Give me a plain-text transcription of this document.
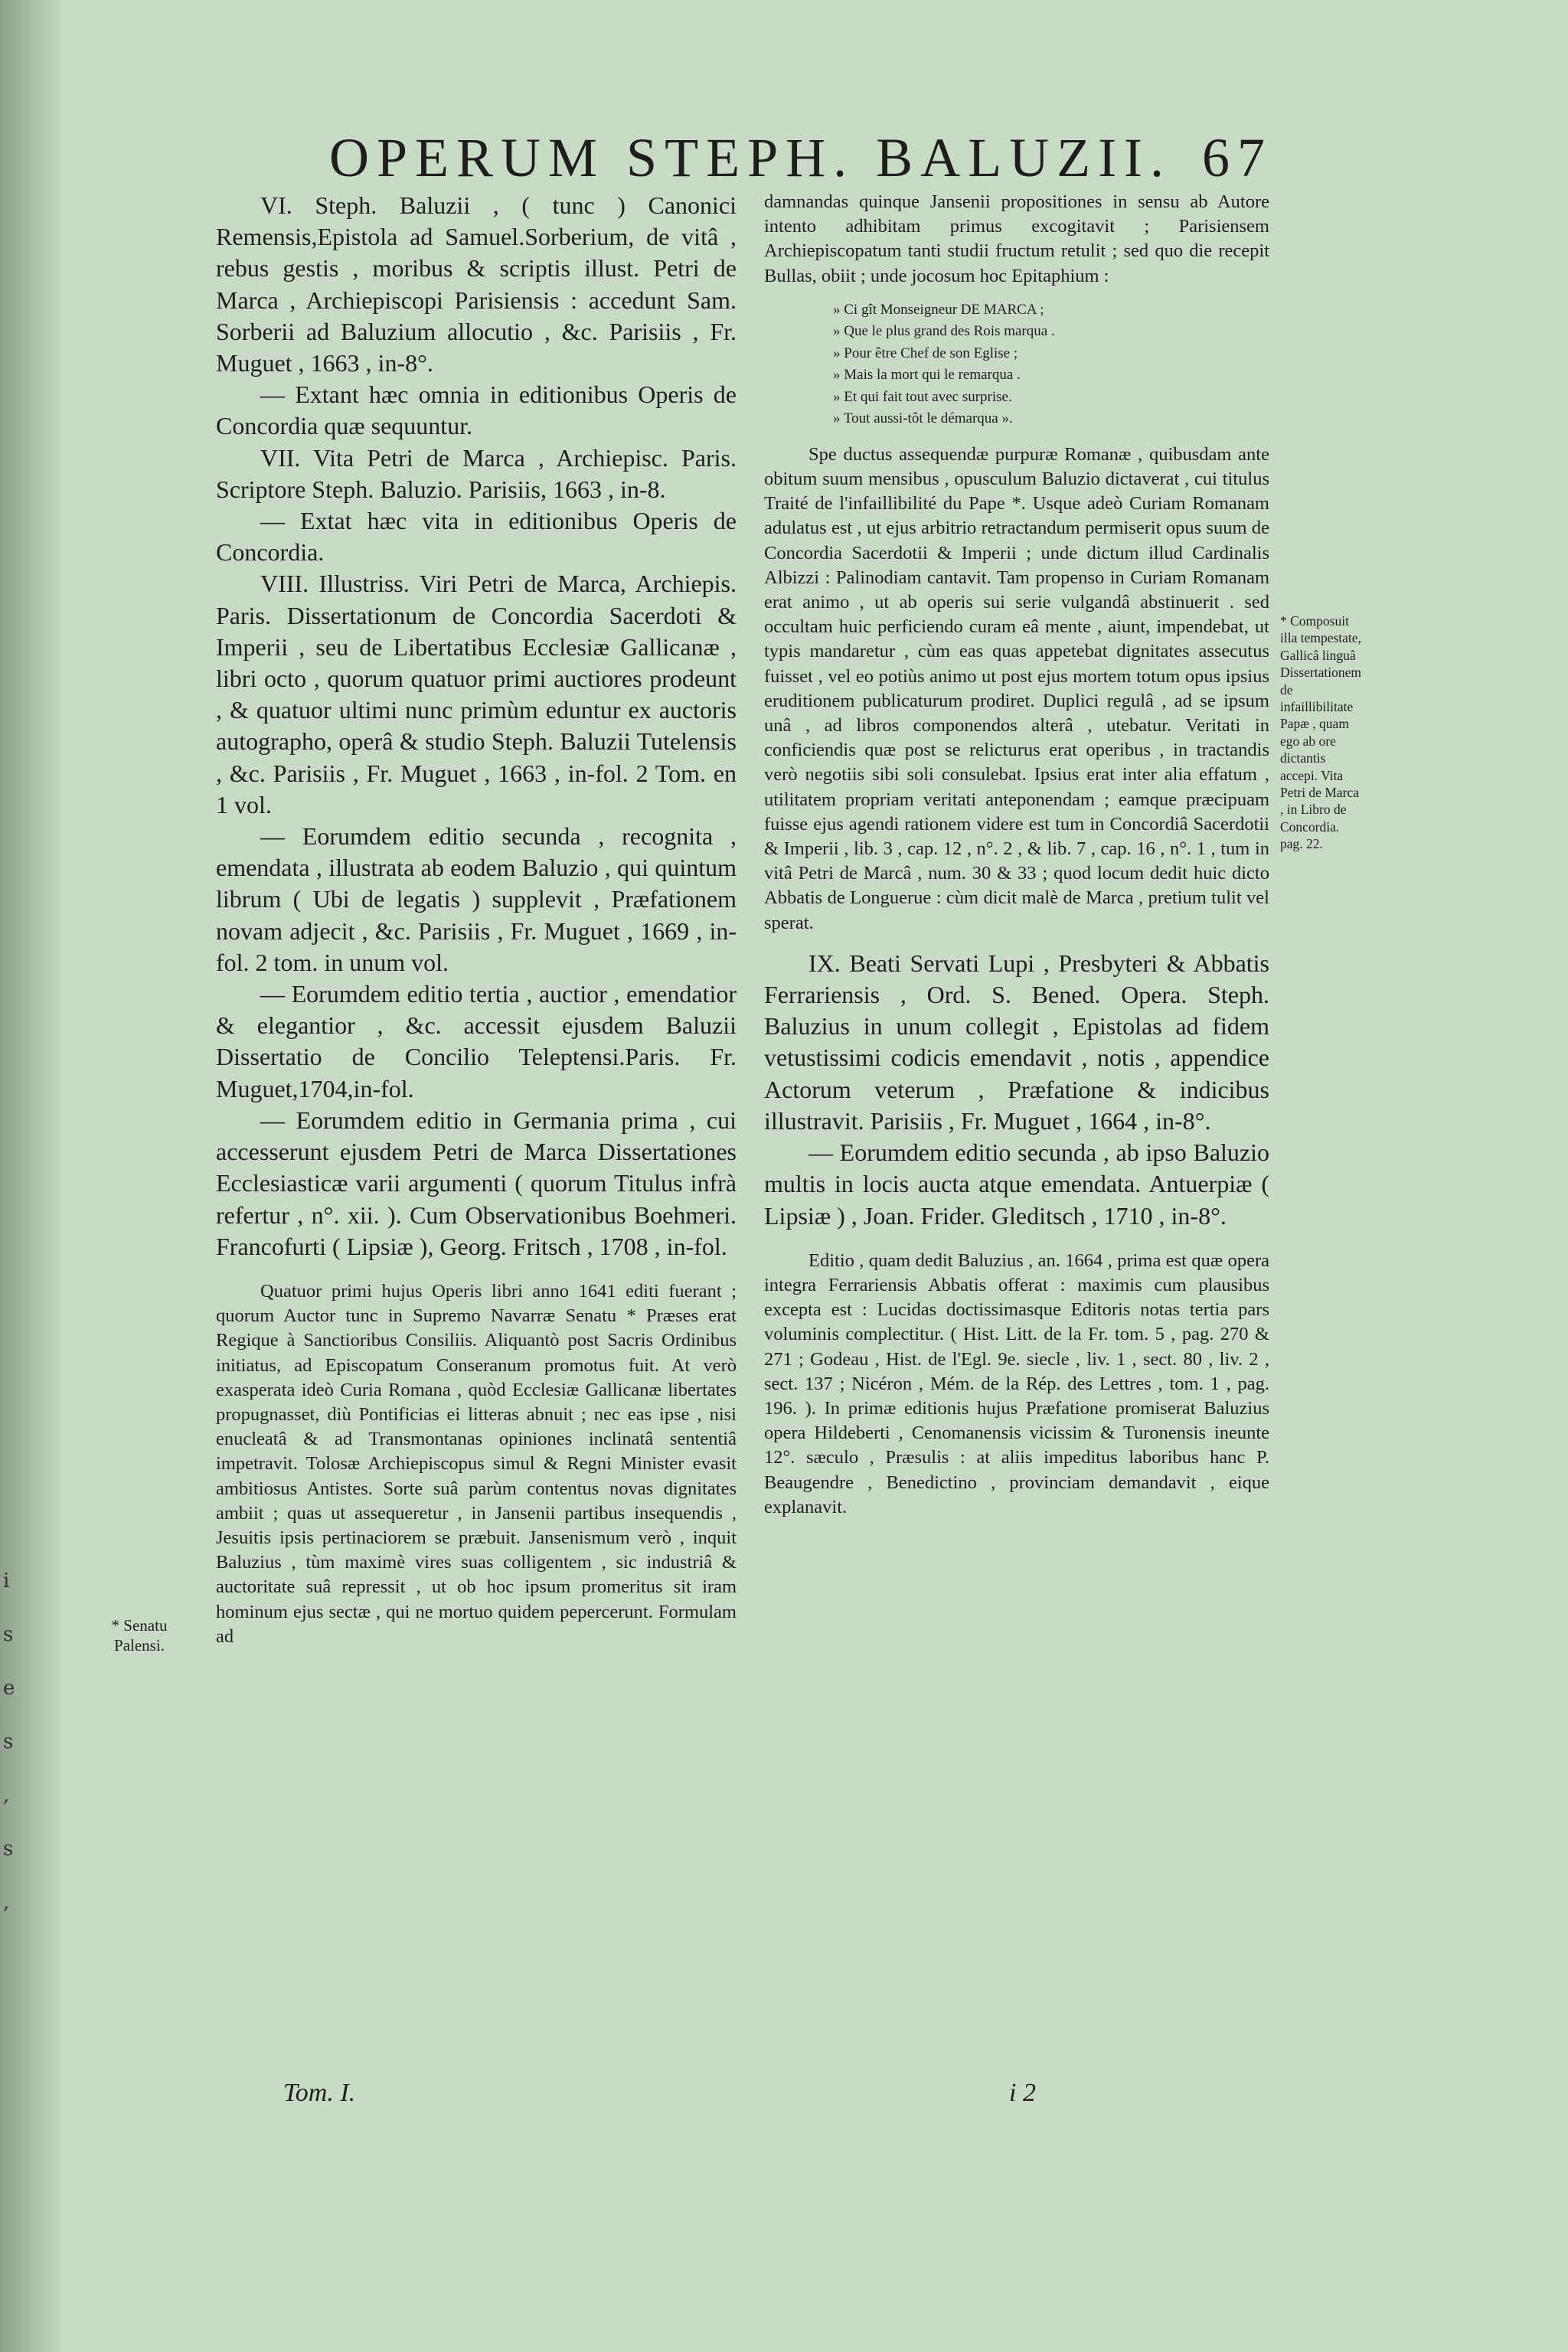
i
s
e
s
,
s
,
OPERUM STEPH. BALUZII. 67

VI. Steph. Baluzii , ( tunc ) Canonici Remensis,Epistola ad Samuel.Sorberium, de vitâ , rebus gestis , moribus & scriptis illust. Petri de Marca , Archiepiscopi Parisiensis : accedunt Sam. Sorberii ad Baluzium allocutio , &c. Parisiis , Fr. Muguet , 1663 , in-8°.

— Extant hæc omnia in editionibus Operis de Concordia quæ sequuntur.

VII. Vita Petri de Marca , Archiepisc. Paris. Scriptore Steph. Baluzio. Parisiis, 1663 , in-8.

— Extat hæc vita in editionibus Operis de Concordia.

VIII. Illustriss. Viri Petri de Marca, Archiepis. Paris. Dissertationum de Concordia Sacerdoti & Imperii , seu de Libertatibus Ecclesiæ Gallicanæ , libri octo , quorum quatuor primi auctiores prodeunt , & quatuor ultimi nunc primùm eduntur ex auctoris autographo, operâ & studio Steph. Baluzii Tutelensis , &c. Parisiis , Fr. Muguet , 1663 , in-fol. 2 Tom. en 1 vol.

— Eorumdem editio secunda , recognita , emendata , illustrata ab eodem Baluzio , qui quintum librum ( Ubi de legatis ) supplevit , Præfationem novam adjecit , &c. Parisiis , Fr. Muguet , 1669 , in-fol. 2 tom. in unum vol.

— Eorumdem editio tertia , auctior , emendatior & elegantior , &c. accessit ejusdem Baluzii Dissertatio de Concilio Teleptensi.Paris. Fr. Muguet,1704,in-fol.

— Eorumdem editio in Germania prima , cui accesserunt ejusdem Petri de Marca Dissertationes Ecclesiasticæ varii argumenti ( quorum Titulus infrà refertur , n°. xii. ). Cum Observationibus Boehmeri. Francofurti ( Lipsiæ ), Georg. Fritsch , 1708 , in-fol.

Quatuor primi hujus Operis libri anno 1641 editi fuerant ; quorum Auctor tunc in Supremo Navarræ Senatu * Præses erat Regique à Sanctioribus Consiliis. Aliquantò post Sacris Ordinibus initiatus, ad Episcopatum Conseranum promotus fuit. At verò exasperata ideò Curia Romana , quòd Ecclesiæ Gallicanæ libertates propugnasset, diù Pontificias ei litteras abnuit ; nec eas ipse , nisi enucleatâ & ad Transmontanas opiniones inclinatâ sententiâ impetravit. Tolosæ Archiepiscopus simul & Regni Minister evasit ambitiosus Antistes. Sorte suâ parùm contentus novas dignitates ambiit ; quas ut assequeretur , in Jansenii partibus insequendis , Jesuitis ipsis pertinaciorem se præbuit. Jansenismum verò , inquit Baluzius , tùm maximè vires suas colligentem , sic industriâ & auctoritate suâ repressit , ut ob hoc ipsum promeritus sit iram hominum ejus sectæ , qui ne mortuo quidem pepercerunt. Formulam ad

damnandas quinque Jansenii propositiones in sensu ab Autore intento adhibitam primus excogitavit ; Parisiensem Archiepiscopatum tanti studii fructum retulit ; sed quo die recepit Bullas, obiit ; unde jocosum hoc Epitaphium :

» Ci gît Monseigneur DE MARCA ;
» Que le plus grand des Rois marqua .
» Pour être Chef de son Eglise ;
» Mais la mort qui le remarqua .
» Et qui fait tout avec surprise.
» Tout aussi-tôt le démarqua ».

Spe ductus assequendæ purpuræ Romanæ , quibusdam ante obitum suum mensibus , opusculum Baluzio dictaverat , cui titulus Traité de l'infaillibilité du Pape *. Usque adeò Curiam Romanam adulatus est , ut ejus arbitrio retractandum permiserit opus suum de Concordia Sacerdotii & Imperii ; unde dictum illud Cardinalis Albizzi : Palinodiam cantavit. Tam propenso in Curiam Romanam erat animo , ut ab operis sui serie vulgandâ abstinuerit . sed occultam huic perficiendo curam eâ mente , aiunt, impendebat, ut typis mandaretur , cùm eas quas appetebat dignitates assecutus fuisset , vel eo potiùs animo ut post ejus mortem totum opus ipsius eruditionem publicaturum prodiret. Duplici regulâ , ad se ipsum unâ , ad libros componendos alterâ , utebatur. Veritati in conficiendis quæ post se relicturus erat operibus , in tractandis verò negotiis sibi soli consulebat. Ipsius erat inter alia effatum , utilitatem propriam veritati anteponendam ; eamque præcipuam fuisse ejus agendi rationem videre est tum in Concordiâ Sacerdotii & Imperii , lib. 3 , cap. 12 , n°. 2 , & lib. 7 , cap. 16 , n°. 1 , tum in vitâ Petri de Marcâ , num. 30 & 33 ; quod locum dedit huic dicto Abbatis de Longuerue : cùm dicit malè de Marca , pretium tulit vel sperat.

IX. Beati Servati Lupi , Presbyteri & Abbatis Ferrariensis , Ord. S. Bened. Opera. Steph. Baluzius in unum collegit , Epistolas ad fidem vetustissimi codicis emendavit , notis , appendice Actorum veterum , Præfatione & indicibus illustravit. Parisiis , Fr. Muguet , 1664 , in-8°.

— Eorumdem editio secunda , ab ipso Baluzio multis in locis aucta atque emendata. Antuerpiæ ( Lipsiæ ) , Joan. Frider. Gleditsch , 1710 , in-8°.

Editio , quam dedit Baluzius , an. 1664 , prima est quæ opera integra Ferrariensis Abbatis offerat : maximis cum plausibus excepta est : Lucidas doctissimasque Editoris notas tertia pars voluminis complectitur. ( Hist. Litt. de la Fr. tom. 5 , pag. 270 & 271 ; Godeau , Hist. de l'Egl. 9e. siecle , liv. 1 , sect. 80 , liv. 2 , sect. 137 ; Nicéron , Mém. de la Rép. des Lettres , tom. 1 , pag. 196. ). In primæ editionis hujus Præfatione promiserat Baluzius opera Hildeberti , Cenomanensis vicissim & Turonensis ineunte 12°. sæculo , Præsulis : at aliis impeditus laboribus hanc P. Beaugendre , Benedictino , provinciam demandavit , eique explanavit.

* Senatu Palensi.
* Composuit illa tempestate, Gallicâ linguâ Dissertationem de infaillibilitate Papæ , quam ego ab ore dictantis accepi. Vita Petri de Marca , in Libro de Concordia. pag. 22.
Tom. I.	i 2
